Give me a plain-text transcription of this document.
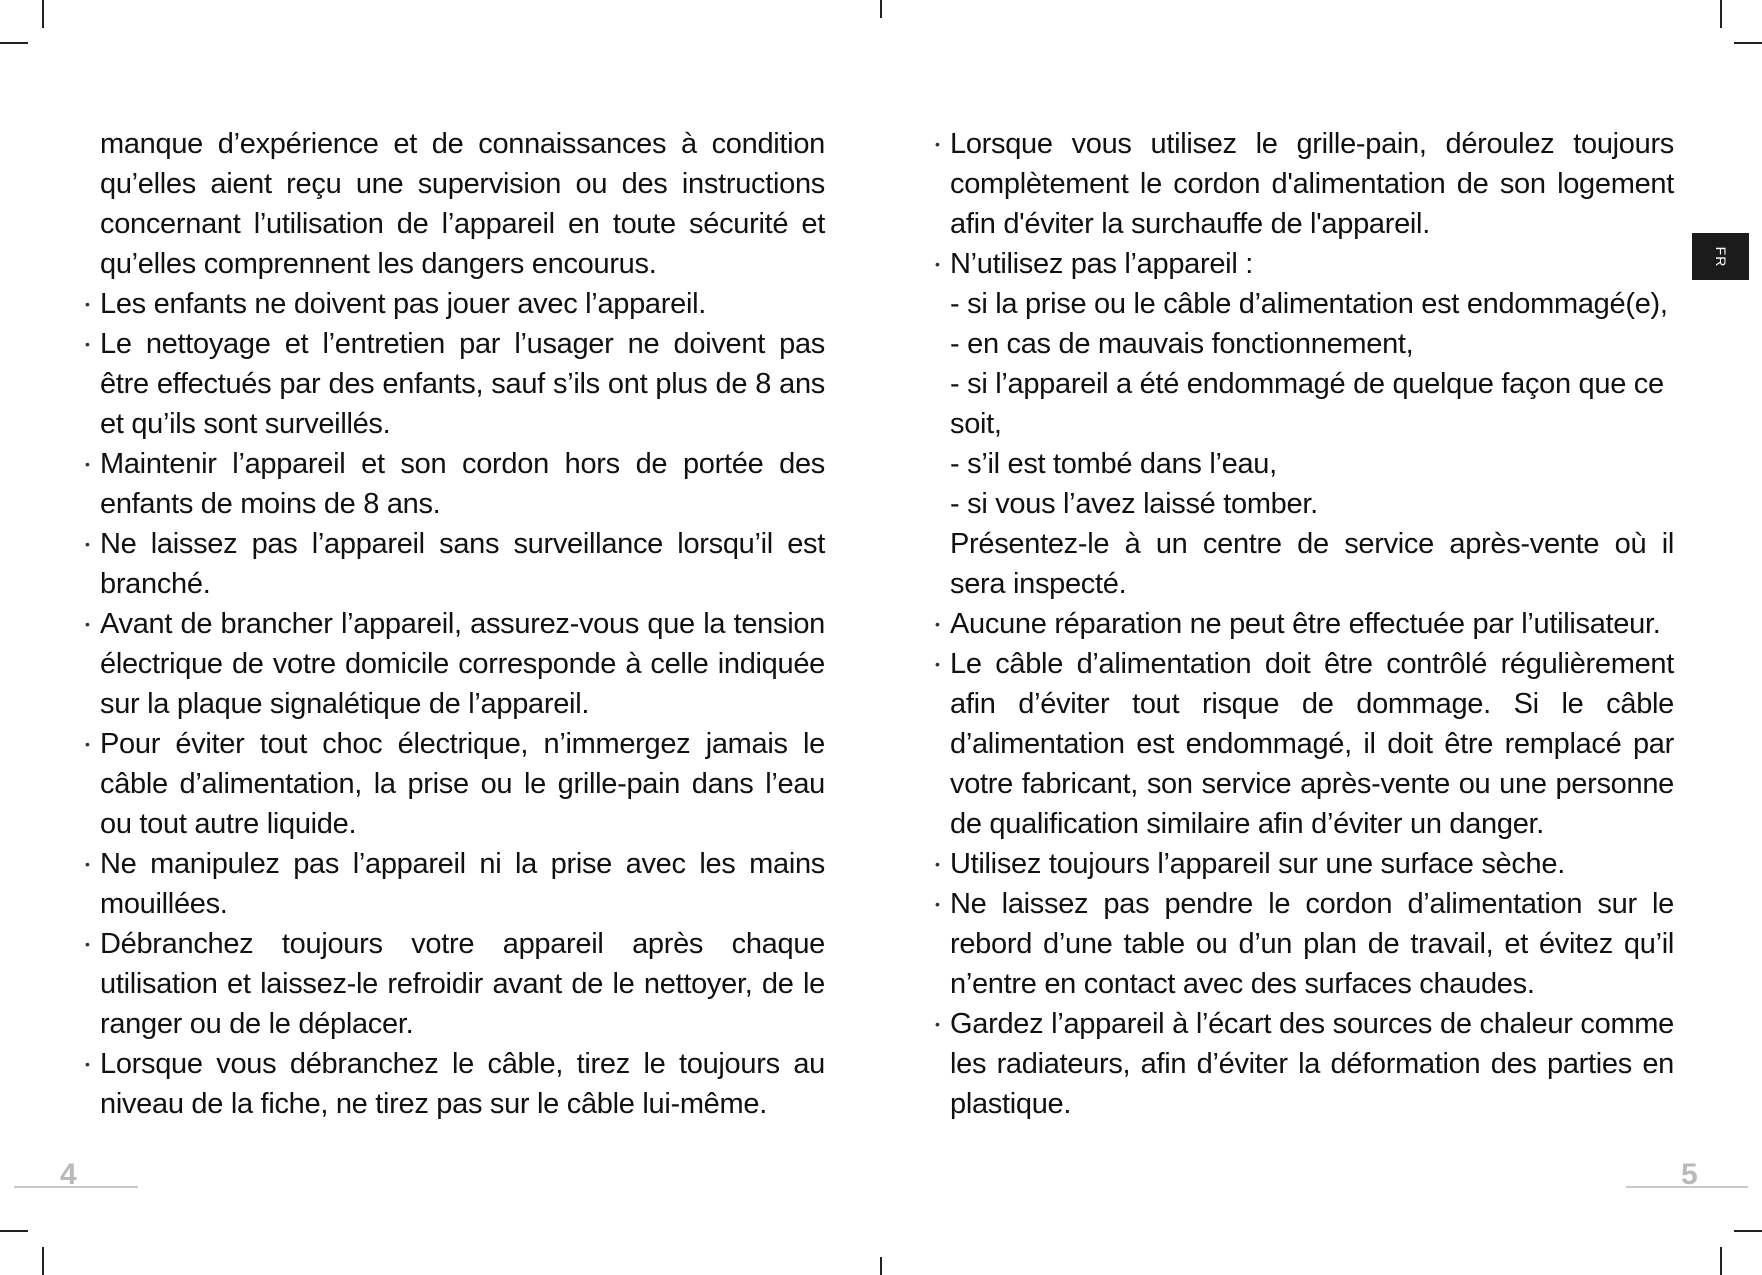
manque d’expérience et de connaissances à condition qu’elles aient reçu une supervision ou des instructions concernant l’utilisation de l’appareil en toute sécurité et qu’elles comprennent les dangers encourus.

• Les enfants ne doivent pas jouer avec l’appareil.

• Le nettoyage et l’entretien par l’usager ne doivent pas être effectués par des enfants, sauf s’ils ont plus de 8 ans et qu’ils sont surveillés.

• Maintenir l’appareil et son cordon hors de portée des enfants de moins de 8 ans.

• Ne laissez pas l’appareil sans surveillance lorsqu’il est branché.

• Avant de brancher l’appareil, assurez-vous que la tension électrique de votre domicile corresponde à celle indiquée sur la plaque signalétique de l’appareil.

• Pour éviter tout choc électrique, n’immergez jamais le câble d’alimentation, la prise ou le grille-pain dans l’eau ou tout autre liquide.

• Ne manipulez pas l’appareil ni la prise avec les mains mouillées.

• Débranchez toujours votre appareil après chaque utilisation et laissez-le refroidir avant de le nettoyer, de le ranger ou de le déplacer.

• Lorsque vous débranchez le câble, tirez le toujours au niveau de la fiche, ne tirez pas sur le câble lui-même.

• Lorsque vous utilisez le grille-pain, déroulez toujours complètement le cordon d'alimentation de son logement afin d'éviter la surchauffe de l'appareil.

• N’utilisez pas l’appareil :

- si la prise ou le câble d’alimentation est endommagé(e),

- en cas de mauvais fonctionnement,

- si l’appareil a été endommagé de quelque façon que ce soit,

- s’il est tombé dans l’eau,

- si vous l’avez laissé tomber.

Présentez-le à un centre de service après-vente où il sera inspecté.

• Aucune réparation ne peut être effectuée par l’utilisateur.

• Le câble d’alimentation doit être contrôlé régulièrement afin d’éviter tout risque de dommage. Si le câble d’alimentation est endommagé, il doit être remplacé par votre fabricant, son service après-vente ou une personne de qualification similaire afin d’éviter un danger.

• Utilisez toujours l’appareil sur une surface sèche.

• Ne laissez pas pendre le cordon d’alimentation sur le rebord d’une table ou d’un plan de travail, et évitez qu’il n’entre en contact avec des surfaces chaudes.

• Gardez l’appareil à l’écart des sources de chaleur comme les radiateurs, afin d’éviter la déformation des parties en plastique.

FR
4	5
